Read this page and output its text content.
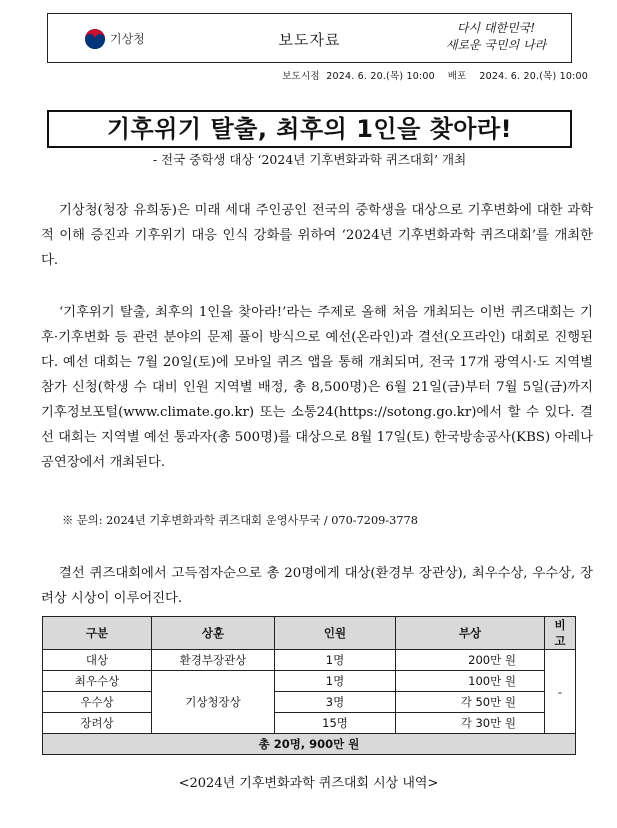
기상청	보도자료
다시 대한민국!
새로운 국민의 나라
보도시점 2024. 6. 20.(목) 10:00 배포 2024. 6. 20.(목) 10:00
기후위기 탈출, 최후의 1인을 찾아라!
- 전국 중학생 대상 ‘2024년 기후변화과학 퀴즈대회’ 개최

기상청(청장 유희동)은 미래 세대 주인공인 전국의 중학생을 대상으로 기후변화에 대한 과학적 이해 증진과 기후위기 대응 인식 강화를 위하여 ‘2024년 기후변화과학 퀴즈대회’를 개최한다.

‘기후위기 탈출, 최후의 1인을 찾아라!’라는 주제로 올해 처음 개최되는 이번 퀴즈대회는 기후·기후변화 등 관련 분야의 문제 풀이 방식으로 예선(온라인)과 결선(오프라인) 대회로 진행된다. 예선 대회는 7월 20일(토)에 모바일 퀴즈 앱을 통해 개최되며, 전국 17개 광역시·도 지역별 참가 신청(학생 수 대비 인원 지역별 배정, 총 8,500명)은 6월 21일(금)부터 7월 5일(금)까지 기후정보포털(www.climate.go.kr) 또는 소통24(https://sotong.go.kr)에서 할 수 있다. 결선 대회는 지역별 예선 통과자(총 500명)를 대상으로 8월 17일(토) 한국방송공사(KBS) 아레나 공연장에서 개최된다.

※ 문의: 2024년 기후변화과학 퀴즈대회 운영사무국 / 070-7209-3778

결선 퀴즈대회에서 고득점자순으로 총 20명에게 대상(환경부 장관상), 최우수상, 우수상, 장려상 시상이 이루어진다.

구분	상훈	인원	부상	비고
대상	환경부장관상	1명	200만 원	-
최우수상	기상청장상	1명	100만 원	
우수상		3명	각 50만 원	
장려상		15명	각 30만 원	
총 20명, 900만 원				
<2024년 기후변화과학 퀴즈대회 시상 내역>
